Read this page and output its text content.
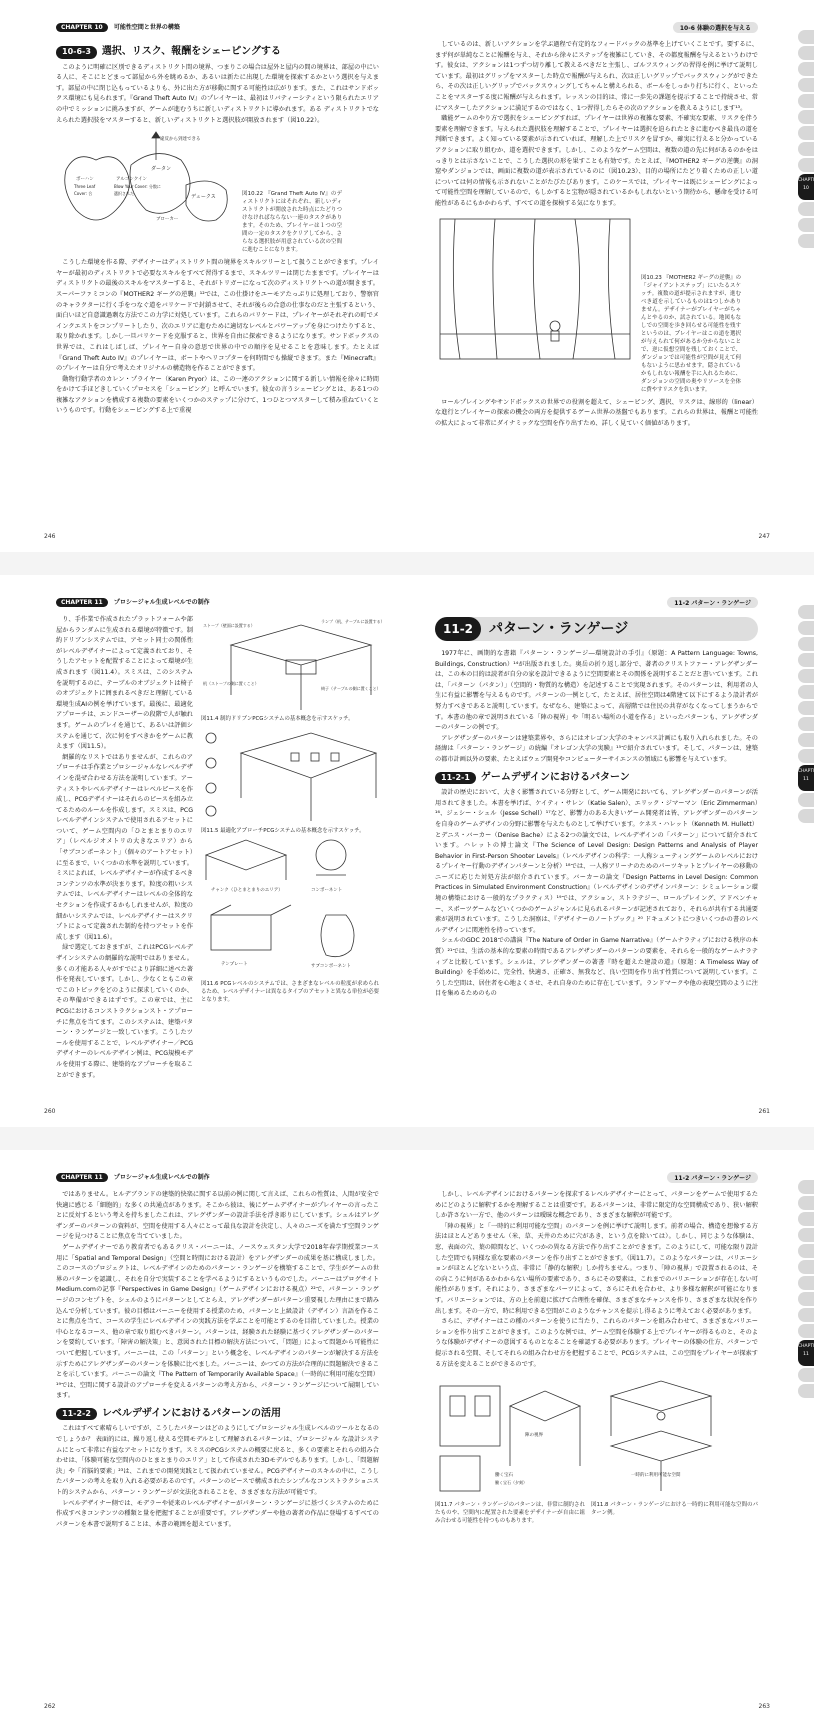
CHAPTER 10 可能性空間と世界の構築
10-6-3	選択、リスク、報酬をシェーピングする

このように明確に区別できるディストリクト間の境界、つまりこの場合は屋外と屋内の間の境界は、部屋の中にいる人に、そこにとどまって部屋から外を眺めるか、あるいは新たに出現した環境を探索するかという選択を与えます。部屋の中に閉じ込もっているよりも、外に出た方が移動に関する可能性は広がります。また、これはサンドボックス環境にも見られます。『Grand Theft Auto IV』のプレイヤーは、最初はリバティーシティという限られたエリアの中でミッションに挑みますが、ゲームが進むうちに新しいディストリクトに導かれます。ある ディストリクトでなえられた選択肢をマスターすると、新しいディストリクトと選択肢が開放されます（図10.22）。

違反から到達できる
ダータン
ボーハン
Three Leaf
Cover: 合
アルゴンクイン
Blow Your Cover: 分散に
選択された
デュークス
ブローカー
図10.22 『Grand Theft Auto IV』のディストリクトにはそれぞれ、新しいディストリクトが開放された時点にたどりつけなければならない一連のタスクがあります。そのため、プレイヤーは１つの空間の一定のタスクをクリアしてから、さらなる選択肢が用意されている次の空間に進むことになります。

こうした環境を作る際、デザイナーはディストリクト間の境界をスキルツリーとして扱うことができます。プレイヤーが最初のディストリクトで必要なスキルをすべて習得するまで、スキルツリーは閉じたままです。プレイヤーはディストリクトの最後のスキルをマスターすると、それがトリガーになって次のディストリクトへの道が開きます。スーパーファミコンの『MOTHER2 ギーグの逆襲』¹²では、この仕掛けをユーモアたっぷりに処理しており、警察官のキャラクターに行く手をつなぐ道をバリケードで封鎖させて、それが後らの合意の仕事なのだと主張するという、面白いほど自意識過剰な方法でこの力学に対処しています。これらのバリケードは、プレイヤーがそれぞれの町でメインクエストをコンプリートしたり、次のエリアに進むために適切なレベルとパワーアップを身につけたりすると、取り除かれます。しかし一旦バリケードを克服すると、世界を自由に探索できるようになります。サンドボックスの世界では、これはしばしば、プレイヤー自身の意思で世界の中での順序を見せることを意味します。たとえば『Grand Theft Auto IV』のプレイヤーは、ボートやヘリコプターを何時間でも操縦できます。また『Minecraft』のプレイヤーは自分で考えたオリジナルの構造物を作ることができます。

動物行動学者のカレン・プライヤー（Karen Pryor）は、この一連のアクションに関する新しい情報を徐々に時間をかけて手ほどきしていくプロセスを「シェーピング」と呼んでいます。彼女の言うシェーピングとは、ある1つの複雑なアクションを構成する複数の要素をいくつかのステップに分けて、1つひとつマスターして積み重ねていくというものです。行動をシェーピングする上で重視

246
10-6 体験の選択を与える

しているのは、新しいアクションを学ぶ過程で有定的なフィードバックの基準を上げていくことです。要するに、まず何が単純なことに報酬を与え、それから徐々にステップを複雑にしていき、その都度報酬を与えるというわけです。彼女は、アクションは1つずつ切り離して教えるべきだと主張し、ゴルフスウィングの習得を例に挙げて説明しています。最初はグリップをマスターした時点で報酬が与えられ、次は正しいグリップでバックスウィングができたら、その次は正しいグリップでバックスウィングしてちゃんと構えられる、ボールをしっかり打ちに行く、といったことをマスターする度に報酬が与えられます。レッスンの目的は、常に一歩先の課題を提示することで持続させ、常にマスターしたアクションに満足するのではなく、1つ習得したらその次のアクションを教えるようにします¹³。

職能ゲームのやり方で選択をシェーピングすれば、プレイヤーは世界の複雑な要素、不確実な要素、リスクを伴う要素を理解できます。与えられた選択肢を理解することで、プレイヤーは選択を迫られたときに進むべき最良の道を判断できます。よく知っている要素が示されていれば、理解した上でリスクを冒すか、確実に行えると分かっているアクションに取り組むか、道を選択できます。しかし、このようなゲーム空間は、複数の道の先に何があるのかをはっきりとは示さないことで、こうした選択の形を果すことも有効です。たとえば、『MOTHER2 ギーグの逆襲』の洞窟やダンジョンでは、画面に複数の道が表示されているのに（図10.23）、目的の場所にたどり着くための正しい道については何の情報も示されないことがたびたびあります。このケースでは、プレイヤーは既にシェーピングによって可能性空間を理解しているので、もしかすると宝物が隠されているかもしれないという期待から、懸命を受ける可能性があるにもかかわらず、すべての道を探検する気になります。

図10.23 『MOTHER2 ギーグの逆襲』の「ジャイアントステップ」にいたるスケッチ。複数の道が提示されますが、進むべき道を示しているものは1つしかありません。デザイナーがプレイヤーがちゃんとやるのか、試されている。地図もなしでの空間を歩き回らせる可能性を残すというのは、プレイヤーはこの道を選択が与えられて何があるか分からないことで、逆に仮想空間を残しておくことで、ダンジョンでは可能性が空間が見えて何もないように思わせます。隠されているかもしれない報酬を手に入れるために、ダンジョンの空間の奥やリソースを全体に費やすリスクを負います。

ロールプレイングやサンドボックスの世界での役割を超えて、シェーピング、選択、リスクは、線形的（linear）な進行とプレイヤーの探索の機会の両方を提供するゲーム世界の基盤でもあります。これらの世界は、報酬と可能性の拡大によって非常にダイナミックな空間を作り出すため、詳しく見ていく価値があります。

CHAPTER 10
247
CHAPTER 11 プロシージャル生成レベルでの制作

り、手作業で作成されたプラットフォームや部屋からランダムに生成される環境が特徴です。制約ドリブンシステムでは、アセット同士の関係性がレベルデザイナーによって定義されており、そうしたアセットを配置することによって環境が生成されます（図11.4）。スミスは、このシステムを説明するのに、テーブルのオブジェクトは椅子のオブジェクトに囲まれるべきだと理解している環境生成AIの例を挙げています。最後に、最適化アプローチは、エンドユーザーの段階で人が触れます。ゲームのプレイを通じて、あるいは評価システムを通じて、次に何をすべきかをゲームに教えます（図11.5）。

網羅的なリストではありませんが、これらのアプローチは手作業とプロシージャルなレベルデザインを混ぜ合わせる方法を説明しています。アーティストやレベルデザイナーはレベルピースを作成し、PCGデザイナーはそれらのピースを組み立てるためのルールを作成します。スミスは、PCGレベルデザインシステムで使用されるアセットについて、ゲーム空間内の「ひとまとまりのエリア」（レベルジオメトリの大きなエリア）から「サブコンポーネント」（個々のアートアセット）に至るまで、いくつかの水準を説明しています。ミスによれば、レベルデザイナーが作成するべきコンテンツの水準が決まります。粒度の粗いシステムでは、レベルデザイナーはレベルの全体的なセクションを作成するかもしれませんが、粒度の細かいシステムでは、レベルデザイナーはスクリプトによって定義された制約を持つアセットを作成します（図11.6）。

緑で選定しておきますが、これはPCGレベルデザインシステムの網羅的な説明ではありません。多くの才能ある人々がすでにより詳細に述べた著作を発表しています。しかし、少なくともこの章でこのトピックをどのように探求していくのか、その準備ができるはずです。この章では、主にPCGにおけるコンストラクションスト・アプローチに焦点を当てます。このシステムは、建築パターン・ランゲージと一致しています。こうしたツールを使用することで、レベルデザイナー／PCGデザイナーのレベルデザイン例は、PCG規模モデルを使用する際に、建築的なアプローチを取ることができます。

ストープ（壁面に設置する）
ランプ（机、テーブルに設置する）
机（ストープの側に置くこと）
椅子（テーブルの側に置くこと）
図11.4 制約ドリブンPCGシステムの基本概念を示すスケッチ。
図11.5 最適化アプローチPCGシステムの基本概念を示すスケッチ。
チャンク（ひとまとまりのエリア）	コンポーネント
テンプレート	サブコンポーネント
図11.6 PCGレベルのシステムでは、さまざまなレベルの粒度が求められるため、レベルデザイナーは異なるタイプのアセットと異なる単位が必要となります。
260
11-2 パターン・ランゲージ
11-2	パターン・ランゲージ

1977年に、画期的な書籍『パターン・ランゲージ―環境設計の手引』（原題：A Pattern Language: Towns, Buildings, Construction）¹⁴が出版されました。奥岳の折り返し部分で、著者のクリストファー・アレグザンダーは、この本の目的は読者が自分の家を設計できるように空間要素とその関係を説明することだと書いています。これは、「パターン（パタン）」（空間的・物質的な構造）を記述することで実現されます。そのパターンは、利用者の人生に有益に影響を与えるものです。パターンの一例として、たとえば、居住空間は4階建て以下にするよう設計者が努力すべきであると説明しています。なぜなら、建築によって、高層階では住民の共存がなくなってしまうからです。本書の他の章で説明されている「陣の視界」や「明るい場所の小道を作る」といったパターンも、アレグザンダーのパターンの例です。

アレグザンダーのパターンは建築業界や、さらにはオレゴン大学のキャンパス計画にも取り入れられました。その経緯は「パターン・ランゲージ」の続編『オレゴン大学の実験』¹⁵で紹介されています。そして、パターンは、建築の都市計画以外の要素、たとえばウェブ開発やコンピューターサイエンスの領域にも影響を与えています。

11-2-1	ゲームデザインにおけるパターン

設計の歴史において、大きく影響されている分野として、ゲーム開発においても、アレグザンダーのパターンが活用されてきました。本書を挙げば、ケイティ・サレン（Katie Salen）、エリック・ジマーマン（Eric Zimmerman）¹⁶、ジェシー・シェル（Jesse Schell）¹⁷など、影響力のある大きいゲーム開発者は皆、アレグザンダーのパターンを自身のゲームデザインの分野に影響を与えたものとして挙げています。ケネス・ハレット（Kenneth M. Hullett）とデニス・バーカー（Denise Bache）による2つの論文では、レベルデザインの「パターン」について紹介されています。ハレットの博士論文『The Science of Level Design: Design Patterns and Analysis of Player Behavior in First-Person Shooter Levels』（レベルデザインの科学：一人称シューティングゲームのレベルにおけるプレイヤー行動のデザインパターンと分析）¹⁸では、一人称アリーナのためのパーツキットとプレイヤーの移動のニーズに応じた対処方法が紹介されています。バーカーの論文『Design Patterns in Level Design: Common Practices in Simulated Environment Construction』（レベルデザインのデザインパターン：シミュレーション環境の構築における一般的なプラクティス）¹⁹では、アクション、ストラテジー、ロールプレイング、アドベンチャー、スポーツゲームなどいくつかのゲームジャンルに見られるパターンが記述されており、それらが共有する共通要素が説明されています。こうした洞察は、『デザイナーのノートブック』²⁰ ドキュメントにつきいくつかの書のレベルデザインに関連性を持っています。

シェルのGDC 2018での講演『The Nature of Order in Game Narrative』（ゲームナラティブにおける秩序の本質）²¹では、生活の基本的な要素の時間であるアレグザンダーのパターンの要素を、それらを一般的なゲームナラティブと比較しています。シェルは、アレグザンダーの著書『時を超えた建設の道』（原題：A Timeless Way of Building）を手始めに、完全性、快適さ、正確さ、無我など、良い空間を作り出す性質について説明しています。こうした空間は、居住者を心地よくさせ、それ自身のために存在しています。ランドマークや他の表現空間のように注目を集めるためのもの

CHAPTER 11
261
CHAPTER 11 プロシージャル生成レベルでの制作

ではありません。ヒルデブランドの建築的快楽に関する以前の例に関して言えば、これらの性質は、人間が安全で快適に感じる「細胞的」な多くの共通点があります。そこから彼は、後にゲームデザイナーがプレイヤーの言ったことに反対するという考えを持ちましたこれは、アレグザンダーの設計手法を浮き彫りにしています。シェルはアレグザンダーのパターンの資料が、空間を使用する人々にとって最良な設計を決定し、人々のニーズを満たす空間ランゲージを見つけることに焦点を当てていました。

ゲームデザイナーであり教育者でもあるクリス・バーニーは、ノースウェスタン大学で2018年春学期授業コース用に「Spatial and Temporal Design」（空間と時間における設計）をアレグザンダーの成果を基に構成しました。このコースのプロジェクトは、レベルデザインのためのパターン・ランゲージを構築することで、学生がゲームの世界のパターンを認識し、それを自分で実装することを学べるようにするというものでした。バーニーはブログサイトMedium.comの記事『Perspectives in Game Design』（ゲームデザインにおける視点）²²で、パターン・ランゲージのコンセプトを、シェルのようにパターンとしてとらえ、アレグザンダーがパターン重要視した理由にまで踏み込んで分析しています。彼の目標はバーニーを使用する授業のため、パターンと上級設計（デザイン）言語を作ることに焦点を当て、コースの学生にレベルデザインの実践方法を学ぶことを可能とするのを目指していました。授業の中心となるコース、他の章で取り組むべきパターン。パターンは、経験された経験に基づくアレグザンダーのパターンを要約しています。「障害の解決策」と、意図された目標の解決方法について、「問題」によって問題から可能性について把握しています。バーニーは、この「パターン」という概念を、レベルデザインのパターンが解決する方法を示すためにアレグザンダーのパターンを体験に比べました。バーニーは、かつての方法が合理的に問題解決できることを示しています。バーニーの論文『The Pattern of Temporarily Available Space』（一時的に利用可能な空間）¹⁹では、空間に関する設計のアプローチを変えるパターンの考え方から、パターン・ランゲージについて展開しています。

11-2-2	レベルデザインにおけるパターンの活用

これはすべて素晴らしいですが、こうしたパターンはどのようにしてプロシージャル生成レベルのツールとなるのでしょうか？ 表面的には、繰り返し使える空間モデルとして理解されるパターンは、プロシージャル な設計システムにとって非常に有益なアセットになります。スミスのPCGシステムの概要に戻ると、多くの要素とそれらの組み合わせは、「体験可能な空間内のひとまとまりのエリア」として作成された3Dモデルでもあります。しかし、「問題解決」や「首脳的要素」²³は、これまでの開発実践として扱われていません。PCGデザイナーのスキルの中に、こうしたパターンの考えを取り入れる必要があるのです。パターンのピースで構成されたシンプルなコンストラクショニスト的システムから、パターン・ランゲージが文法化されることを、さまざまな方法が可能です。

レベルデザイナー側では、モデラーや従来のレベルデザイナーがパターン・ランゲージに基づくシステムのために作成すべきコンテンツの種類と量を把握することが重要です。アレグザンダーや他の著者の作品に登場するすべてのパターンを本書で説明することは、本書の範囲を超えています。

262
11-2 パターン・ランゲージ

しかし、レベルデザインにおけるパターンを探求するレベルデザイナーにとって、パターンをゲームで使用するためにどのように解釈するかを理解することは重要です。あるパターンは、非常に限定的な空間構成であり、狭い解釈しか許さない一方で、他のパターンは曖昧な概念であり、さまざまな解釈が可能です。

「陣の視界」と「一時的に利用可能な空間」のパターンを例に挙げて説明します。前者の場合、構造を想像する方法はほとんどありません（米、草、天井のために穴があき、という点を除いては）。しかし、同じような体験は、窓、表面の穴、葉の隙間など、いくつかの異なる方法で作り出すことができます。このようにして、可能な限り設計した空間でも同様な重な要素のパターンを作り出すことができます。（図11.7）。このようなパターンは、バリエーションがほとんどないという点、非常に「静的な解釈」しか持ちません。つまり、「陣の視界」で設置されるのは、その向こうに何があるかわからない場所の要素であり、さらにその要素は、これまでのバリエーションが存在しない可能性があります。それにより、さまざまなパーツによって、さらにそれを合わせ、より多様な解釈が可能になります。バリエーションでは、方の上を前進に拡げて合理性を確保、さまざまなチャンスを作り、さまざまな状況を作り出します。その一方で、時に利用できる空間がこのようなチャンスを提示し得るように考えておく必要があります。

さらに、デザイナーはこの種のパターンを使うに当たり、これらのパターンを組み合わせて、さまざまなバリエーションを作り出すことができます。このような例では、ゲーム空間を体験する上でプレイヤーが得るものと、そのような体験がデザイナーの意図するものとなることを確認する必要があります。プレイヤーの体験の仕方、パターンで提示される空間、そしてそれらの組み合わせ方を把握することで、PCGシステムは、この空間をプレイヤーが探索する方法を変えることができるのです。

陣の視界
働く宝石
働く宝石（夕刻）
図11.7 パターン・ランゲージのパターンは、非常に制約されたものや、空間内に配置された要素をデザイナーが自由に組み合わせる可能性を持つものもあります。
一時的に利用可能な空間
図11.8 パターン・ランゲージにおける一時的に利用可能な空間のパターン例。
CHAPTER 11
263
